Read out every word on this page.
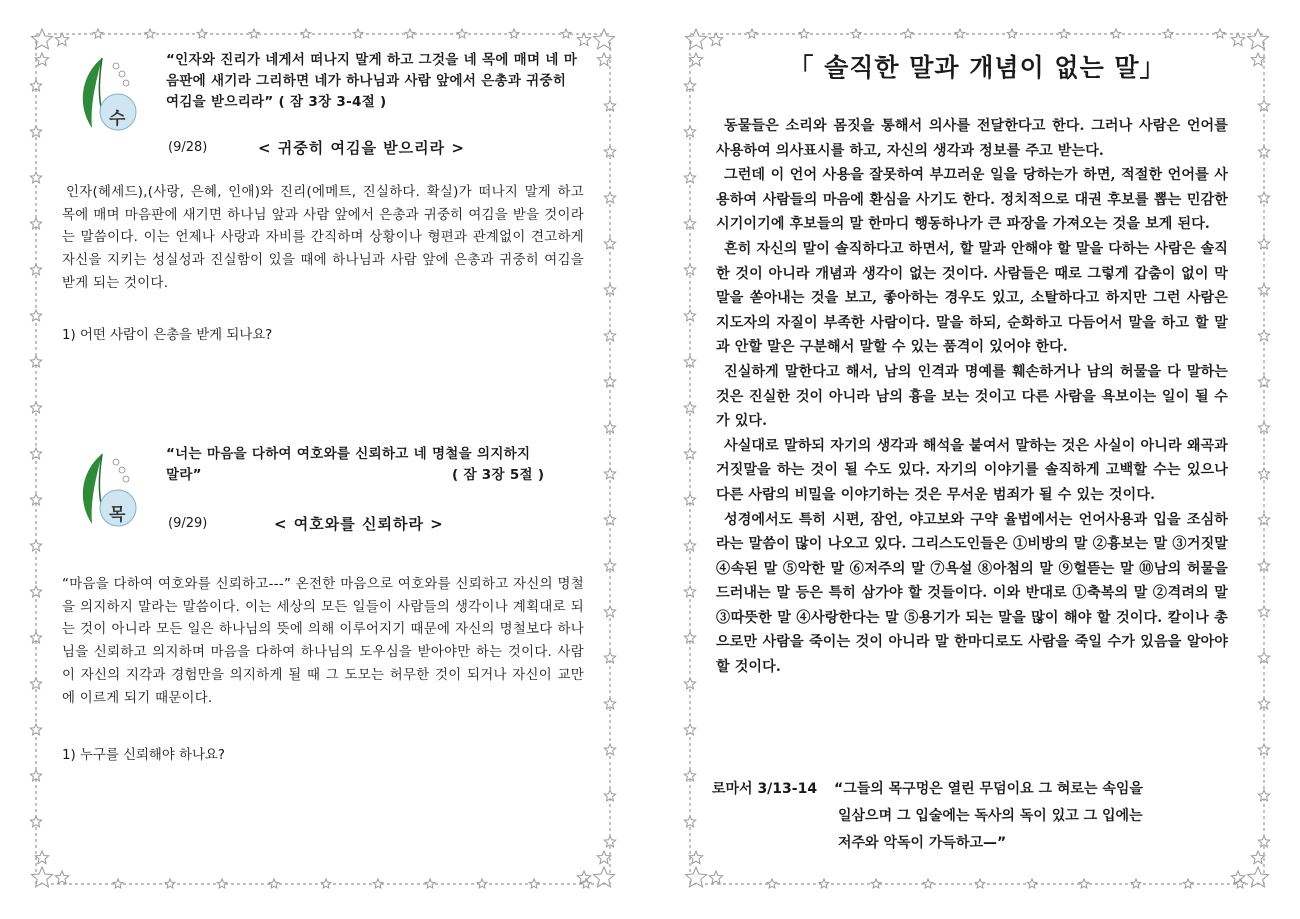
수
“인자와 진리가 네게서 떠나지 말게 하고 그것을 네 목에 매며 네 마음판에 새기라 그리하면 네가 하나님과 사람 앞에서 은총과 귀중히 여김을 받으리라” ( 잠 3장 3-4절 )
(9/28)	< 귀중히 여김을 받으리라 >
인자(헤세드),(사랑, 은혜, 인애)와 진리(에메트, 진실하다. 확실)가 떠나지 말게 하고 목에 매며 마음판에 새기면 하나님 앞과 사람 앞에서 은총과 귀중히 여김을 받을 것이라는 말씀이다. 이는 언제나 사랑과 자비를 간직하며 상황이나 형편과 관계없이 견고하게 자신을 지키는 성실성과 진실함이 있을 때에 하나님과 사람 앞에 은총과 귀중히 여김을 받게 되는 것이다.
1) 어떤 사람이 은총을 받게 되나요?
목
“너는 마음을 다하여 여호와를 신뢰하고 네 명철을 의지하지
말라”	( 잠 3장 5절 )
(9/29)	< 여호와를 신뢰하라 >
“마음을 다하여 여호와를 신뢰하고---” 온전한 마음으로 여호와를 신뢰하고 자신의 명철을 의지하지 말라는 말씀이다. 이는 세상의 모든 일들이 사람들의 생각이나 계획대로 되는 것이 아니라 모든 일은 하나님의 뜻에 의해 이루어지기 때문에 자신의 명철보다 하나님을 신뢰하고 의지하며 마음을 다하여 하나님의 도우심을 받아야만 하는 것이다. 사람이 자신의 지각과 경험만을 의지하게 될 때 그 도모는 허무한 것이 되거나 자신이 교만에 이르게 되기 때문이다.
1) 누구를 신뢰해야 하나요?
「 솔직한 말과 개념이 없는 말」

동물들은 소리와 몸짓을 통해서 의사를 전달한다고 한다. 그러나 사람은 언어를 사용하여 의사표시를 하고, 자신의 생각과 정보를 주고 받는다.

그런데 이 언어 사용을 잘못하여 부끄러운 일을 당하는가 하면, 적절한 언어를 사용하여 사람들의 마음에 환심을 사기도 한다. 정치적으로 대권 후보를 뽑는 민감한 시기이기에 후보들의 말 한마디 행동하나가 큰 파장을 가져오는 것을 보게 된다.

흔히 자신의 말이 솔직하다고 하면서, 할 말과 안해야 할 말을 다하는 사람은 솔직한 것이 아니라 개념과 생각이 없는 것이다. 사람들은 때로 그렇게 갑춤이 없이 막말을 쏟아내는 것을 보고, 좋아하는 경우도 있고, 소탈하다고 하지만 그런 사람은 지도자의 자질이 부족한 사람이다. 말을 하되, 순화하고 다듬어서 말을 하고 할 말과 안할 말은 구분해서 말할 수 있는 품격이 있어야 한다.

진실하게 말한다고 해서, 남의 인격과 명예를 훼손하거나 남의 허물을 다 말하는 것은 진실한 것이 아니라 남의 흉을 보는 것이고 다른 사람을 욕보이는 일이 될 수가 있다.

사실대로 말하되 자기의 생각과 해석을 붙여서 말하는 것은 사실이 아니라 왜곡과 거짓말을 하는 것이 될 수도 있다. 자기의 이야기를 솔직하게 고백할 수는 있으나 다른 사람의 비밀을 이야기하는 것은 무서운 범죄가 될 수 있는 것이다.

성경에서도 특히 시편, 잠언, 야고보와 구약 율법에서는 언어사용과 입을 조심하라는 말씀이 많이 나오고 있다. 그리스도인들은 ①비방의 말 ②흉보는 말 ③거짓말 ④속된 말 ⑤악한 말 ⑥저주의 말 ⑦욕설 ⑧아첨의 말 ⑨헐뜯는 말 ⑩남의 허물을 드러내는 말 등은 특히 삼가야 할 것들이다. 이와 반대로 ①축복의 말 ②격려의 말 ③따뜻한 말 ④사랑한다는 말 ⑤용기가 되는 말을 많이 해야 할 것이다. 칼이나 총으로만 사람을 죽이는 것이 아니라 말 한마디로도 사람을 죽일 수가 있음을 알아야 할 것이다.

로마서 3/13-14 “그들의 목구멍은 열린 무덤이요 그 혀로는 속임을
일삼으며 그 입술에는 독사의 독이 있고 그 입에는
저주와 악독이 가득하고—”
